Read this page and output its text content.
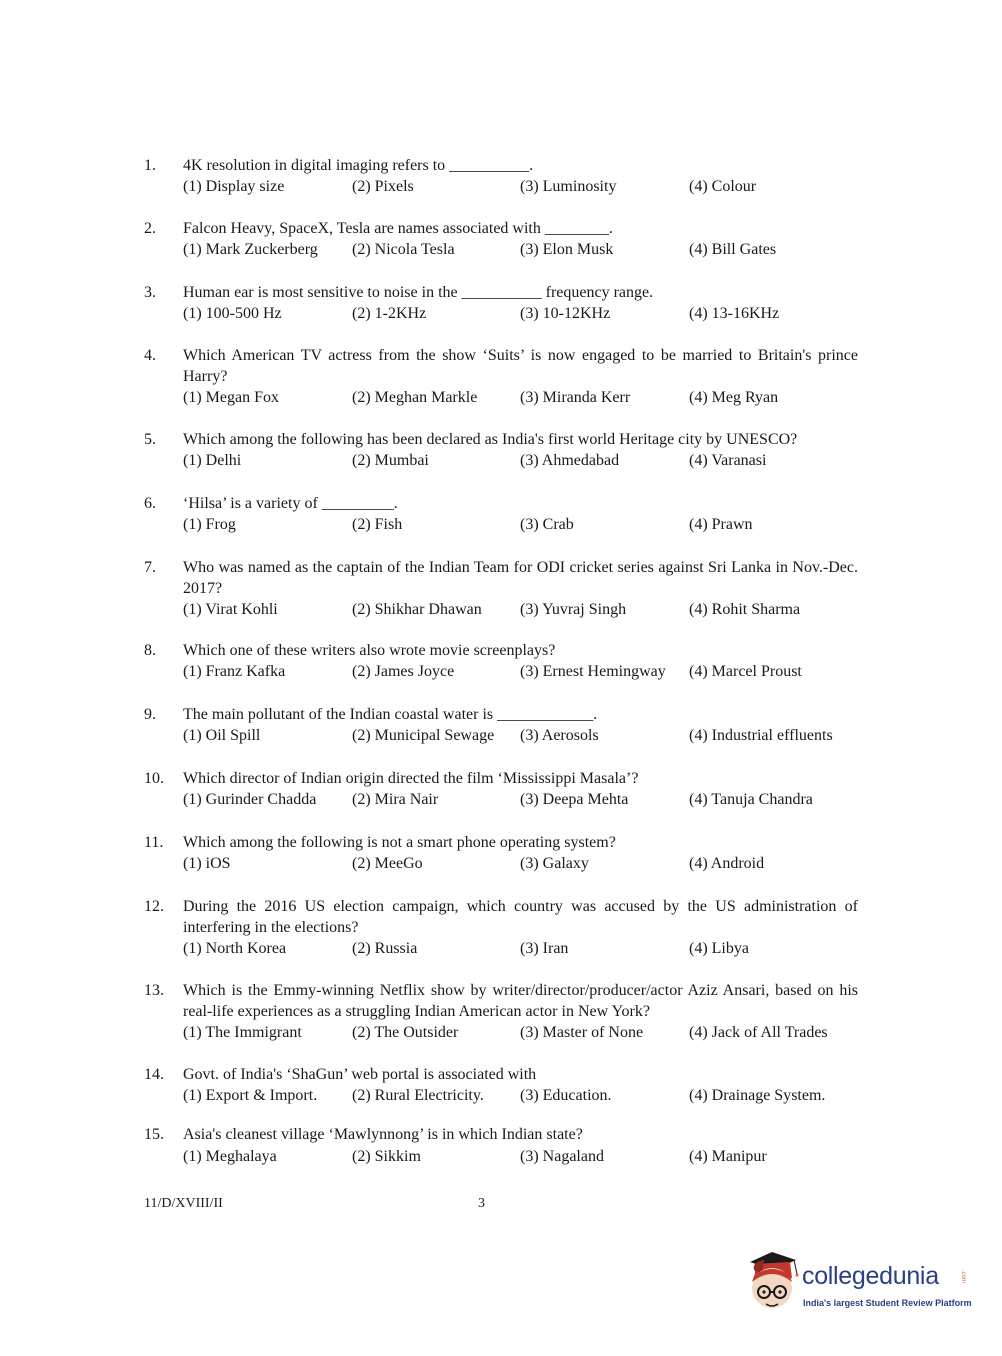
1. 4K resolution in digital imaging refers to __________.
(1) Display size	(2) Pixels	(3) Luminosity	(4) Colour
2. Falcon Heavy, SpaceX, Tesla are names associated with ________.
(1) Mark Zuckerberg (2) Nicola Tesla	(3) Elon Musk	(4) Bill Gates
3. Human ear is most sensitive to noise in the __________ frequency range.
(1) 100-500 Hz	(2) 1-2KHz	(3) 10-12KHz	(4) 13-16KHz
4. Which American TV actress from the show ‘Suits’ is now engaged to be married to Britain's prince Harry?
(1) Megan Fox	(2) Meghan Markle	(3) Miranda Kerr	(4) Meg Ryan
5. Which among the following has been declared as India's first world Heritage city by UNESCO?
(1) Delhi	(2) Mumbai	(3) Ahmedabad	(4) Varanasi
6. ‘Hilsa’ is a variety of _________.
(1) Frog	(2) Fish	(3) Crab	(4) Prawn
7. Who was named as the captain of the Indian Team for ODI cricket series against Sri Lanka in Nov.-Dec. 2017?
(1) Virat Kohli	(2) Shikhar Dhawan (3) Yuvraj Singh	(4) Rohit Sharma
8. Which one of these writers also wrote movie screenplays?
(1) Franz Kafka	(2) James Joyce	(3) Ernest Hemingway (4) Marcel Proust
9. The main pollutant of the Indian coastal water is ____________.
(1) Oil Spill	(2) Municipal Sewage (3) Aerosols	(4) Industrial effluents
10. Which director of Indian origin directed the film ‘Mississippi Masala’?
(1) Gurinder Chadda (2) Mira Nair	(3) Deepa Mehta	(4) Tanuja Chandra
11. Which among the following is not a smart phone operating system?
(1) iOS	(2) MeeGo	(3) Galaxy	(4) Android
12. During the 2016 US election campaign, which country was accused by the US administration of interfering in the elections?
(1) North Korea	(2) Russia	(3) Iran	(4) Libya
13. Which is the Emmy-winning Netflix show by writer/director/producer/actor Aziz Ansari, based on his real-life experiences as a struggling Indian American actor in New York?
(1) The Immigrant	(2) The Outsider	(3) Master of None	(4) Jack of All Trades
14. Govt. of India's ‘ShaGun’ web portal is associated with
(1) Export & Import. (2) Rural Electricity. (3) Education.	(4) Drainage System.
15. Asia's cleanest village ‘Mawlynnong’ is in which Indian state?
(1) Meghalaya	(2) Sikkim	(3) Nagaland	(4) Manipur
11/D/XVIII/II	3
collegedunia	.com
India's largest Student Review Platform
